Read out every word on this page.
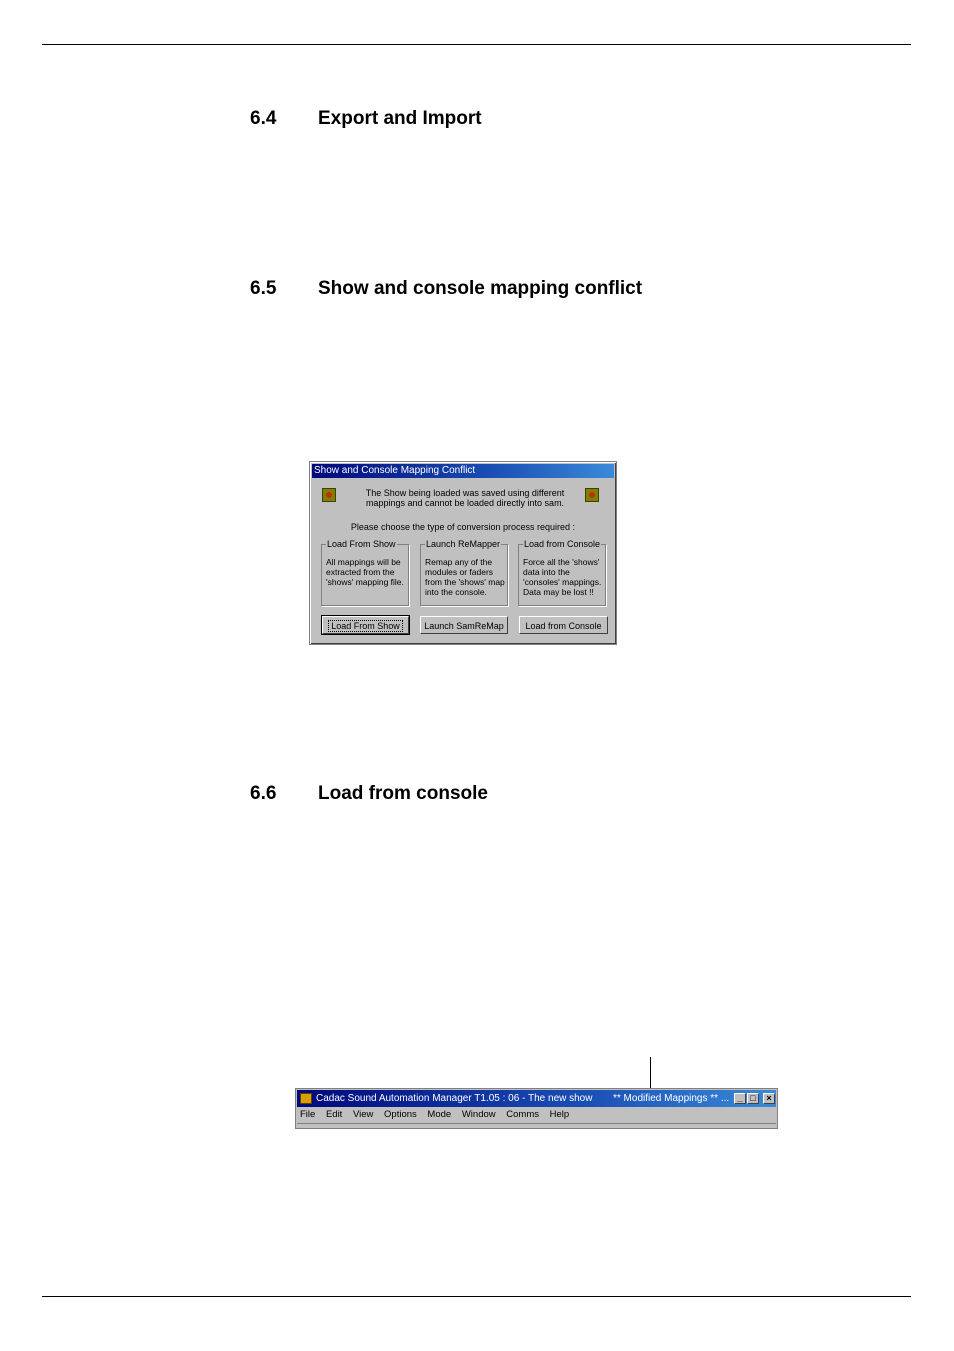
6.4 Export and Import
6.5 Show and console mapping conflict
Show and Console Mapping Conflict
The Show being loaded was saved using different mappings and cannot be loaded directly into sam.
Please choose the type of conversion process required :
Load From Show
All mappings will be extracted from the 'shows' mapping file.
Launch ReMapper
Remap any of the modules or faders from the 'shows' map into the console.
Load from Console
Force all the 'shows' data into the 'consoles' mappings. Data may be lost !!
Load From Show	Launch SamReMap	Load from Console
6.6 Load from console
Cadac Sound Automation Manager T1.05 : 06 - The new show ** Modified Mappings ** ... _ □	×
File Edit View Options Mode Window Comms Help
